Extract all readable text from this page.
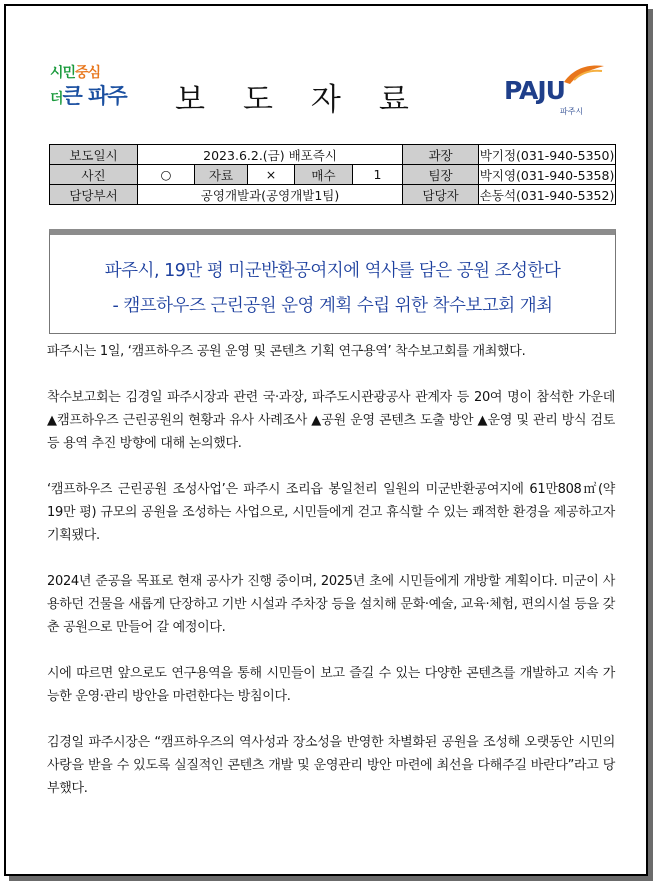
시민중심
더큰 파주	보도자료	PAJU
파주시
보도일시	2023.6.2.(금) 배포즉시					과장	박기정(031-940-5350)
사진	○	자료	×	매수	1	팀장	박지영(031-940-5358)
담당부서	공영개발과(공영개발1팀)					담당자	손동석(031-940-5352)
파주시, 19만 평 미군반환공여지에 역사를 담은 공원 조성한다
- 캠프하우즈 근린공원 운영 계획 수립 위한 착수보고회 개최

파주시는 1일, ‘캠프하우즈 공원 운영 및 콘텐츠 기획 연구용역’ 착수보고회를 개최했다.

착수보고회는 김경일 파주시장과 관련 국·과장, 파주도시관광공사 관계자 등 20여 명이 참석한 가운데 ▲캠프하우즈 근린공원의 현황과 유사 사례조사 ▲공원 운영 콘텐츠 도출 방안 ▲운영 및 관리 방식 검토 등 용역 추진 방향에 대해 논의했다.

‘캠프하우즈 근린공원 조성사업’은 파주시 조리읍 봉일천리 일원의 미군반환공여지에 61만808㎡(약 19만 평) 규모의 공원을 조성하는 사업으로, 시민들에게 걷고 휴식할 수 있는 쾌적한 환경을 제공하고자 기획됐다.

2024년 준공을 목표로 현재 공사가 진행 중이며, 2025년 초에 시민들에게 개방할 계획이다. 미군이 사용하던 건물을 새롭게 단장하고 기반 시설과 주차장 등을 설치해 문화·예술, 교육·체험, 편의시설 등을 갖춘 공원으로 만들어 갈 예정이다.

시에 따르면 앞으로도 연구용역을 통해 시민들이 보고 즐길 수 있는 다양한 콘텐츠를 개발하고 지속 가능한 운영·관리 방안을 마련한다는 방침이다.

김경일 파주시장은 “캠프하우즈의 역사성과 장소성을 반영한 차별화된 공원을 조성해 오랫동안 시민의 사랑을 받을 수 있도록 실질적인 콘텐츠 개발 및 운영관리 방안 마련에 최선을 다해주길 바란다”라고 당부했다.
